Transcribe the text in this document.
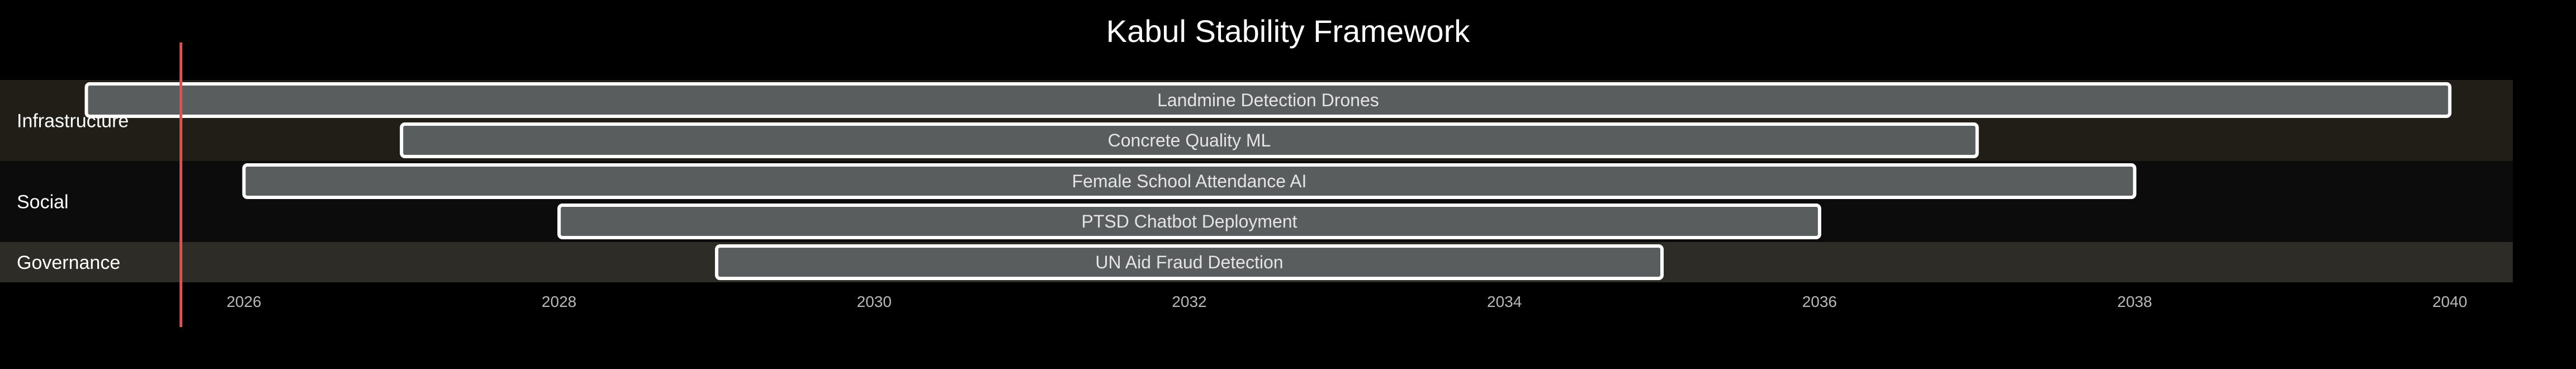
Kabul Stability Framework
Landmine Detection Drones
Concrete Quality ML
Female School Attendance AI
PTSD Chatbot Deployment
UN Aid Fraud Detection
Infrastructure
Social
Governance
2026	2028	2030	2032	2034	2036	2038	2040
